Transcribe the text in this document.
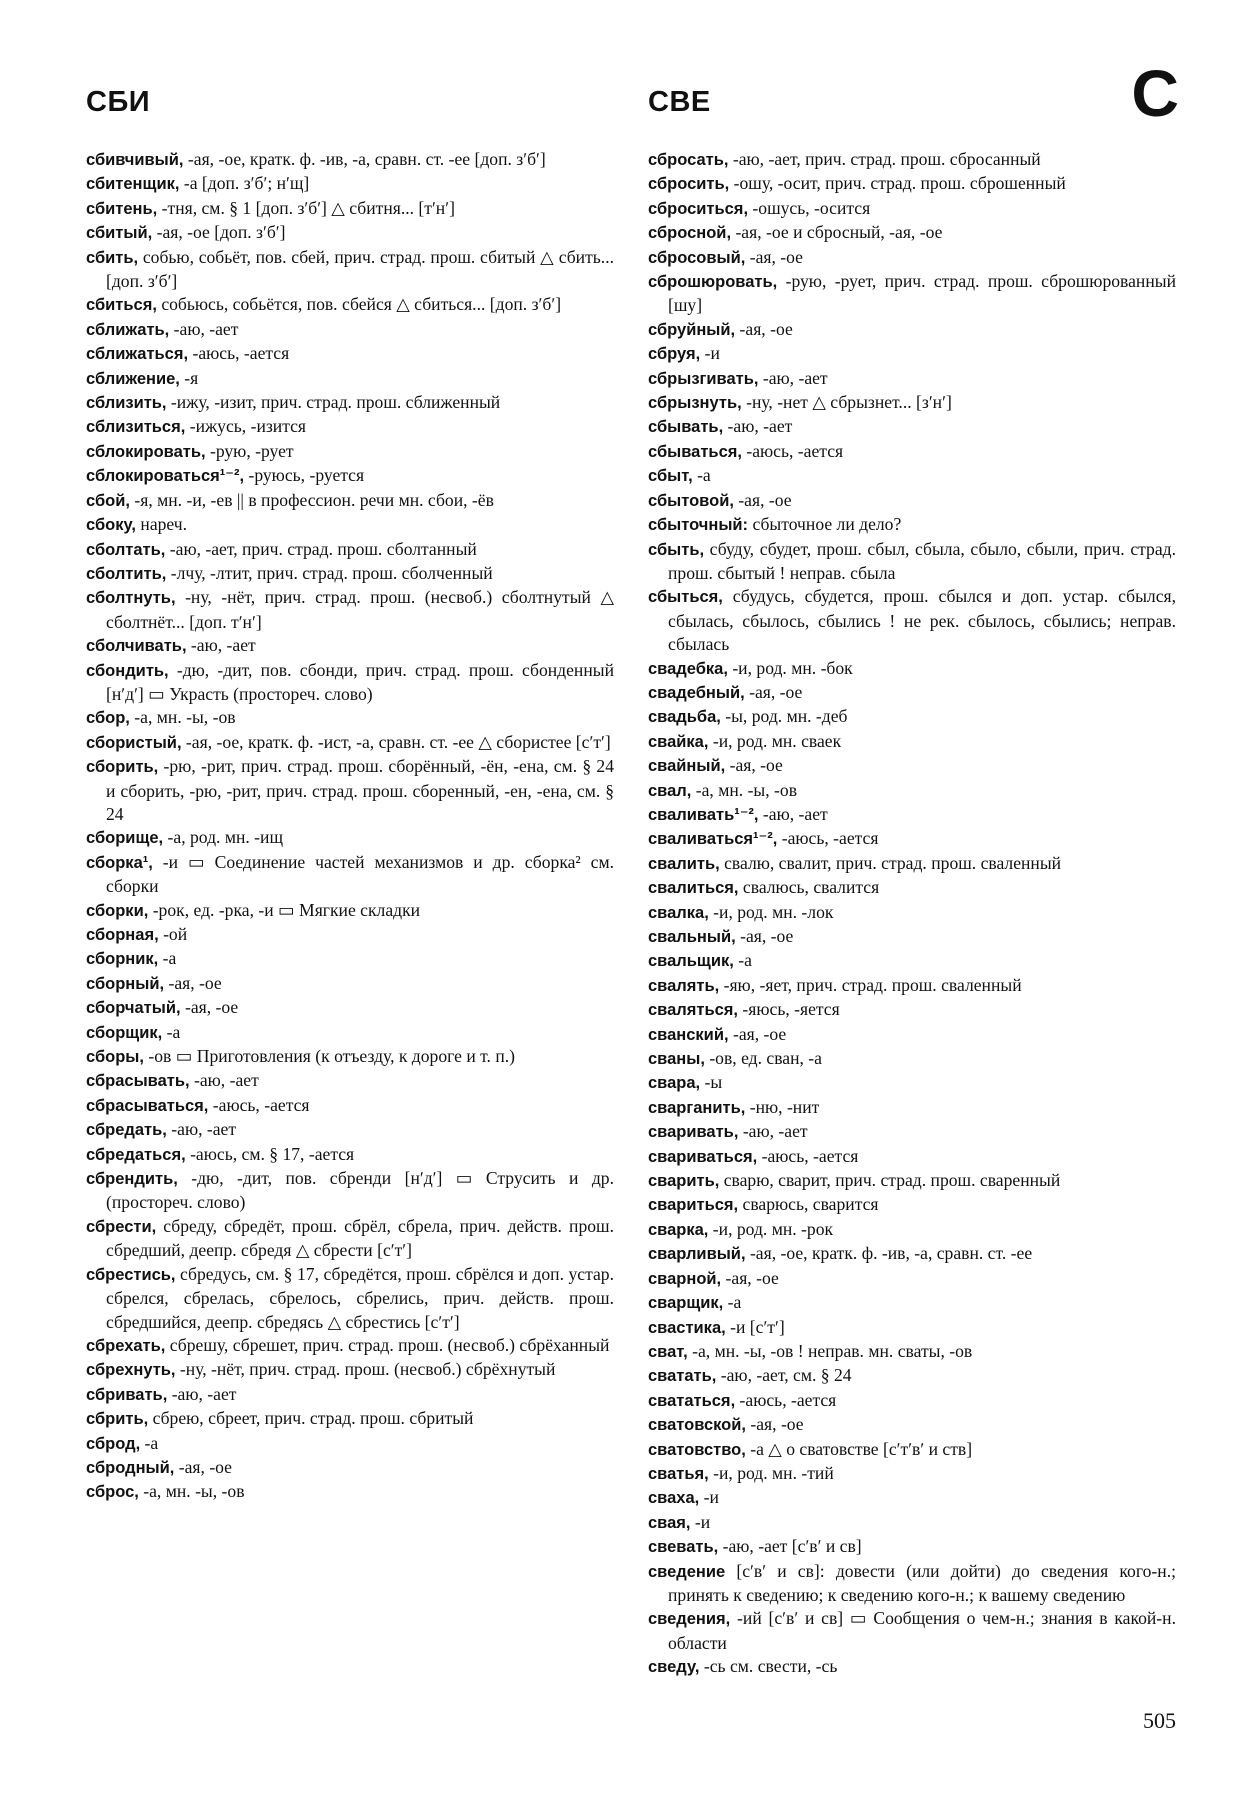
СБИ	СВЕ	С

сбивчивый, -ая, -ое, кратк. ф. -ив, -а, сравн. ст. -ее [доп. зʹбʹ]

сбитенщик, -а [доп. зʹбʹ; нʹщ]

сбитень, -тня, см. § 1 [доп. зʹбʹ] △ сбитня... [тʹнʹ]

сбитый, -ая, -ое [доп. зʹбʹ]

сбить, собью, собьёт, пов. сбей, прич. страд. прош. сбитый △ сбить... [доп. зʹбʹ]

сбиться, собьюсь, собьётся, пов. сбейся △ сбиться... [доп. зʹбʹ]

сближать, -аю, -ает

сближаться, -аюсь, -ается

сближение, -я

сблизить, -ижу, -изит, прич. страд. прош. сближенный

сблизиться, -ижусь, -изится

сблокировать, -рую, -рует

сблокироваться¹⁻², -руюсь, -руется

сбой, -я, мн. -и, -ев || в профессион. речи мн. сбои, -ёв

сбоку, нареч.

сболтать, -аю, -ает, прич. страд. прош. сболтанный

сболтить, -лчу, -лтит, прич. страд. прош. сболченный

сболтнуть, -ну, -нёт, прич. страд. прош. (несвоб.) сболтнутый △ сболтнёт... [доп. тʹнʹ]

сболчивать, -аю, -ает

сбондить, -дю, -дит, пов. сбонди, прич. страд. прош. сбонденный [нʹдʹ] ▭ Украсть (простореч. слово)

сбор, -а, мн. -ы, -ов

сбористый, -ая, -ое, кратк. ф. -ист, -а, сравн. ст. -ее △ сбористее [сʹтʹ]

сборить, -рю, -рит, прич. страд. прош. сборённый, -ён, -ена, см. § 24 и сборить, -рю, -рит, прич. страд. прош. сборенный, -ен, -ена, см. § 24

сборище, -а, род. мн. -ищ

сборка¹, -и ▭ Соединение частей механизмов и др. сборка² см. сборки

сборки, -рок, ед. -рка, -и ▭ Мягкие складки

сборная, -ой

сборник, -а

сборный, -ая, -ое

сборчатый, -ая, -ое

сборщик, -а

сборы, -ов ▭ Приготовления (к отъезду, к дороге и т. п.)

сбрасывать, -аю, -ает

сбрасываться, -аюсь, -ается

сбредать, -аю, -ает

сбредаться, -аюсь, см. § 17, -ается

сбрендить, -дю, -дит, пов. сбренди [нʹдʹ] ▭ Струсить и др. (простореч. слово)

сбрести, сбреду, сбредёт, прош. сбрёл, сбрела, прич. действ. прош. сбредший, деепр. сбредя △ сбрести [сʹтʹ]

сбрестись, сбредусь, см. § 17, сбредётся, прош. сбрёлся и доп. устар. сбрелся, сбрелась, сбрелось, сбрелись, прич. действ. прош. сбредшийся, деепр. сбредясь △ сбрестись [сʹтʹ]

сбрехать, сбрешу, сбрешет, прич. страд. прош. (несвоб.) сбрёханный

сбрехнуть, -ну, -нёт, прич. страд. прош. (несвоб.) сбрёхнутый

сбривать, -аю, -ает

сбрить, сбрею, сбреет, прич. страд. прош. сбритый

сброд, -а

сбродный, -ая, -ое

сброс, -а, мн. -ы, -ов

сбросать, -аю, -ает, прич. страд. прош. сбросанный

сбросить, -ошу, -осит, прич. страд. прош. сброшенный

сброситься, -ошусь, -осится

сбросной, -ая, -ое и сбросный, -ая, -ое

сбросовый, -ая, -ое

сброшюровать, -рую, -рует, прич. страд. прош. сброшюрованный [шу]

сбруйный, -ая, -ое

сбруя, -и

сбрызгивать, -аю, -ает

сбрызнуть, -ну, -нет △ сбрызнет... [зʹнʹ]

сбывать, -аю, -ает

сбываться, -аюсь, -ается

сбыт, -а

сбытовой, -ая, -ое

сбыточный: сбыточное ли дело?

сбыть, сбуду, сбудет, прош. сбыл, сбыла, сбыло, сбыли, прич. страд. прош. сбытый ! неправ. сбыла

сбыться, сбудусь, сбудется, прош. сбылся и доп. устар. сбылся, сбылась, сбылось, сбылись ! не рек. сбылось, сбылись; неправ. сбылась

свадебка, -и, род. мн. -бок

свадебный, -ая, -ое

свадьба, -ы, род. мн. -деб

свайка, -и, род. мн. сваек

свайный, -ая, -ое

свал, -а, мн. -ы, -ов

сваливать¹⁻², -аю, -ает

сваливаться¹⁻², -аюсь, -ается

свалить, свалю, свалит, прич. страд. прош. сваленный

свалиться, свалюсь, свалится

свалка, -и, род. мн. -лок

свальный, -ая, -ое

свальщик, -а

свалять, -яю, -яет, прич. страд. прош. сваленный

сваляться, -яюсь, -яется

сванский, -ая, -ое

сваны, -ов, ед. сван, -а

свара, -ы

сварганить, -ню, -нит

сваривать, -аю, -ает

свариваться, -аюсь, -ается

сварить, сварю, сварит, прич. страд. прош. сваренный

свариться, сварюсь, сварится

сварка, -и, род. мн. -рок

сварливый, -ая, -ое, кратк. ф. -ив, -а, сравн. ст. -ее

сварной, -ая, -ое

сварщик, -а

свастика, -и [сʹтʹ]

сват, -а, мн. -ы, -ов ! неправ. мн. сваты, -ов

сватать, -аю, -ает, см. § 24

свататься, -аюсь, -ается

сватовской, -ая, -ое

сватовство, -а △ о сватовстве [сʹтʹвʹ и ств]

сватья, -и, род. мн. -тий

сваха, -и

свая, -и

свевать, -аю, -ает [сʹвʹ и св]

сведение [сʹвʹ и св]: довести (или дойти) до сведения кого-н.; принять к сведению; к сведению кого-н.; к вашему сведению

сведения, -ий [сʹвʹ и св] ▭ Сообщения о чем-н.; знания в какой-н. области

сведу, -сь см. свести, -сь

505
